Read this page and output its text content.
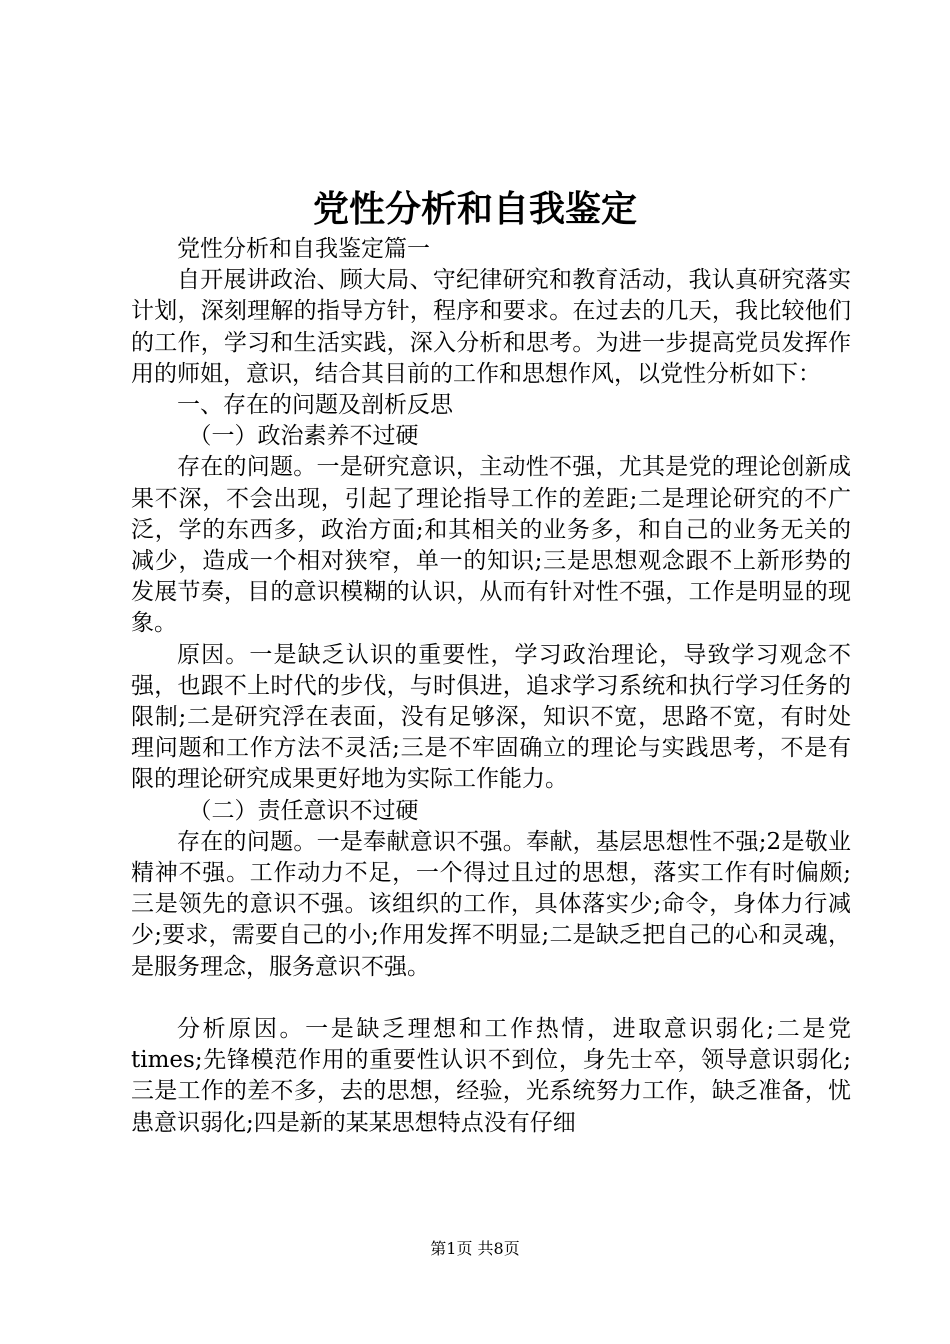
党性分析和自我鉴定

党性分析和自我鉴定篇一

自开展讲政治、顾大局、守纪律研究和教育活动，我认真研究落实计划，深刻理解的指导方针，程序和要求。在过去的几天，我比较他们的工作，学习和生活实践，深入分析和思考。为进一步提高党员发挥作用的师姐，意识，结合其目前的工作和思想作风，以党性分析如下：

一、存在的问题及剖析反思

（一）政治素养不过硬

存在的问题。一是研究意识，主动性不强，尤其是党的理论创新成果不深，不会出现，引起了理论指导工作的差距;二是理论研究的不广泛，学的东西多，政治方面;和其相关的业务多，和自己的业务无关的减少，造成一个相对狭窄，单一的知识;三是思想观念跟不上新形势的发展节奏，目的意识模糊的认识，从而有针对性不强，工作是明显的现象。

原因。一是缺乏认识的重要性，学习政治理论，导致学习观念不强，也跟不上时代的步伐，与时俱进，追求学习系统和执行学习任务的限制;二是研究浮在表面，没有足够深，知识不宽，思路不宽，有时处理问题和工作方法不灵活;三是不牢固确立的理论与实践思考，不是有限的理论研究成果更好地为实际工作能力。

（二）责任意识不过硬

存在的问题。一是奉献意识不强。奉献，基层思想性不强;2是敬业精神不强。工作动力不足，一个得过且过的思想，落实工作有时偏颇;三是领先的意识不强。该组织的工作，具体落实少;命令，身体力行减少;要求，需要自己的小;作用发挥不明显;二是缺乏把自己的心和灵魂，是服务理念，服务意识不强。

分析原因。一是缺乏理想和工作热情，进取意识弱化;二是党times;先锋模范作用的重要性认识不到位，身先士卒，领导意识弱化;三是工作的差不多，去的思想，经验，光系统努力工作，缺乏准备，忧患意识弱化;四是新的某某思想特点没有仔细

第1页 共8页
